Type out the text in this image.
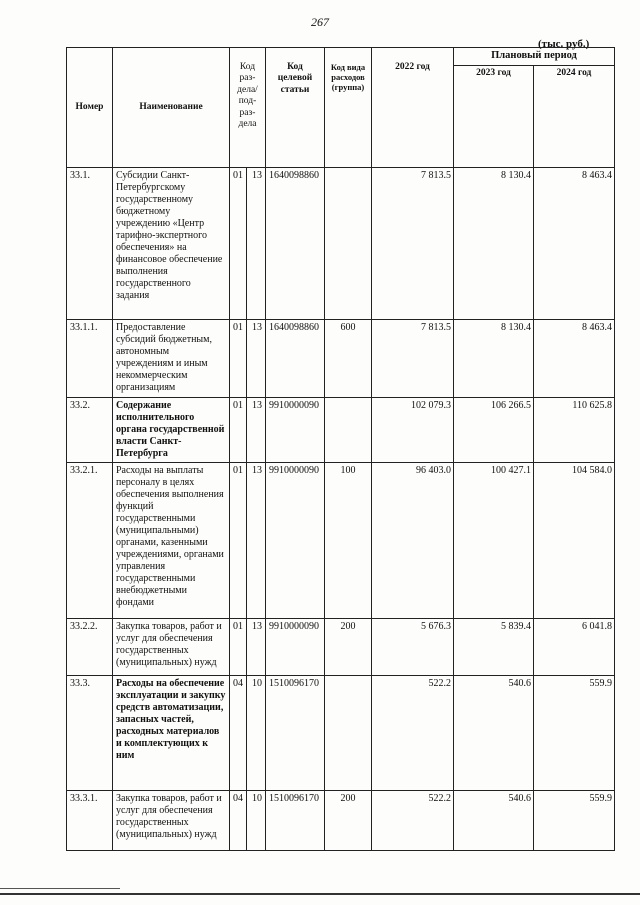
267
(тыс. руб.)
Номер	Наименование	Код раз-дела/ под-раз-дела		Код целевой статьи	Код вида расходов (группа)	2022 год	Плановый период	
							2023 год	2024 год
33.1.	Субсидии Санкт-Петербургскому государственному бюджетному учреждению «Центр тарифно-экспертного обеспечения» на финансовое обеспечение выполнения государственного задания	01	13	1640098860		7 813.5	8 130.4	8 463.4
33.1.1.	Предоставление субсидий бюджетным, автономным учреждениям и иным некоммерческим организациям	01	13	1640098860	600	7 813.5	8 130.4	8 463.4
33.2.	Содержание исполнительного органа государственной власти Санкт-Петербурга	01	13	9910000090		102 079.3	106 266.5	110 625.8
33.2.1.	Расходы на выплаты персоналу в целях обеспечения выполнения функций государственными (муниципальными) органами, казенными учреждениями, органами управления государственными внебюджетными фондами	01	13	9910000090	100	96 403.0	100 427.1	104 584.0
33.2.2.	Закупка товаров, работ и услуг для обеспечения государственных (муниципальных) нужд	01	13	9910000090	200	5 676.3	5 839.4	6 041.8
33.3.	Расходы на обеспечение эксплуатации и закупку средств автоматизации, запасных частей, расходных материалов и комплектующих к ним	04	10	1510096170		522.2	540.6	559.9
33.3.1.	Закупка товаров, работ и услуг для обеспечения государственных (муниципальных) нужд	04	10	1510096170	200	522.2	540.6	559.9
